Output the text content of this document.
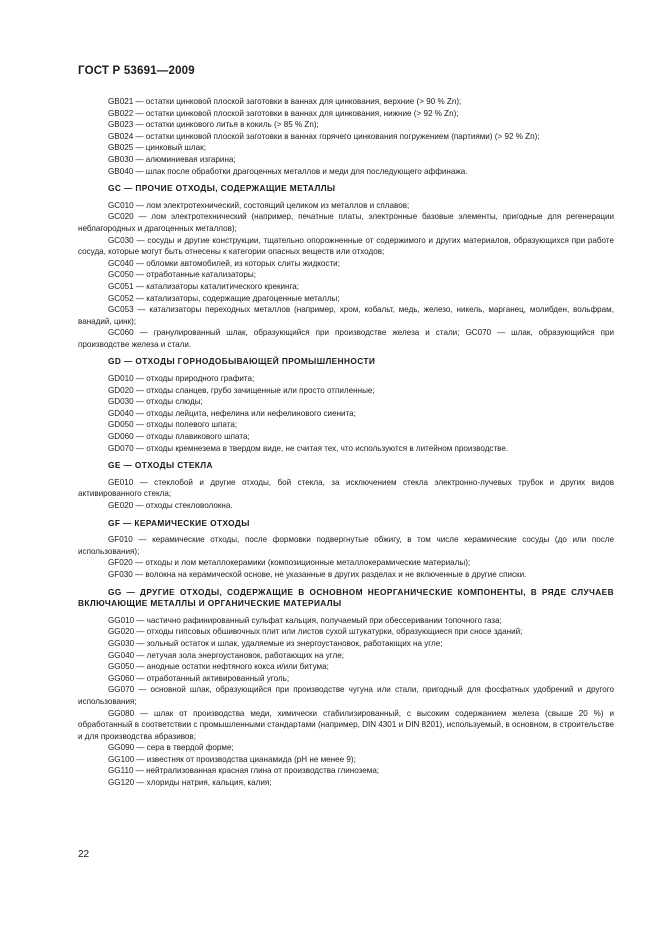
ГОСТ Р 53691—2009

GB021 — остатки цинковой плоской заготовки в ваннах для цинкования, верхние (> 90 % Zn);

GB022 — остатки цинковой плоской заготовки в ваннах для цинкования, нижние (> 92 % Zn);

GB023 — остатки цинкового литья в кокиль (> 85 % Zn);

GB024 — остатки цинковой плоской заготовки в ваннах горячего цинкования погружением (партиями) (> 92 % Zn);

GB025 — цинковый шлак;

GB030 — алюминиевая изгарина;

GB040 — шлак после обработки драгоценных металлов и меди для последующего аффинажа.

GC — ПРОЧИЕ ОТХОДЫ, СОДЕРЖАЩИЕ МЕТАЛЛЫ

GC010 — лом электротехнический, состоящий целиком из металлов и сплавов;

GC020 — лом электротехнический (например, печатные платы, электронные базовые элементы, пригодные для регенерации неблагородных и драгоценных металлов);

GC030 — сосуды и другие конструкции, тщательно опорожненные от содержимого и других материалов, образующихся при работе сосуда, которые могут быть отнесены к категории опасных веществ или отходов;

GC040 — обломки автомобилей, из которых слиты жидкости;

GC050 — отработанные катализаторы;

GC051 — катализаторы каталитического крекинга;

GC052 — катализаторы, содержащие драгоценные металлы;

GC053 — катализаторы переходных металлов (например, хром, кобальт, медь, железо, никель, марганец, молибден, вольфрам, ванадий, цинк);

GC060 — гранулированный шлак, образующийся при производстве железа и стали; GC070 — шлак, образующийся при производстве железа и стали.

GD — ОТХОДЫ ГОРНОДОБЫВАЮЩЕЙ ПРОМЫШЛЕННОСТИ

GD010 — отходы природного графита;

GD020 — отходы сланцев, грубо зачищенные или просто отпиленные;

GD030 — отходы слюды;

GD040 — отходы лейцита, нефелина или нефелинового сиенита;

GD050 — отходы полевого шпата;

GD060 — отходы плавикового шпата;

GD070 — отходы кремнезема в твердом виде, не считая тех, что используются в литейном производстве.

GE — ОТХОДЫ СТЕКЛА

GE010 — стеклобой и другие отходы, бой стекла, за исключением стекла электронно-лучевых трубок и других видов активированного стекла;

GE020 — отходы стекловолокна.

GF — КЕРАМИЧЕСКИЕ ОТХОДЫ

GF010 — керамические отходы, после формовки подвергнутые обжигу, в том числе керамические сосуды (до или после использования);

GF020 — отходы и лом металлокерамики (композиционные металлокерамические материалы);

GF030 — волокна на керамической основе, не указанные в других разделах и не включенные в другие списки.

GG — ДРУГИЕ ОТХОДЫ, СОДЕРЖАЩИЕ В ОСНОВНОМ НЕОРГАНИЧЕСКИЕ КОМПОНЕНТЫ, В РЯДЕ СЛУЧАЕВ ВКЛЮЧАЮЩИЕ МЕТАЛЛЫ И ОРГАНИЧЕСКИЕ МАТЕРИАЛЫ

GG010 — частично рафинированный сульфат кальция, получаемый при обессеривании топочного газа;

GG020 — отходы гипсовых обшивочных плит или листов сухой штукатурки, образующиеся при сносе зданий;

GG030 — зольный остаток и шлак, удаляемые из энергоустановок, работающих на угле;

GG040 — летучая зола энергоустановок, работающих на угле;

GG050 — анодные остатки нефтяного кокса и/или битума;

GG060 — отработанный активированный уголь;

GG070 — основной шлак, образующийся при производстве чугуна или стали, пригодный для фосфатных удобрений и другого использования;

GG080 — шлак от производства меди, химически стабилизированный, с высоким содержанием железа (свыше 20 %) и обработанный в соответствии с промышленными стандартами (например, DIN 4301 и DIN 8201), используемый, в основном, в строительстве и для производства абразивов;

GG090 — сера в твердой форме;

GG100 — известняк от производства цианамида (pH не менее 9);

GG110 — нейтрализованная красная глина от производства глинозема;

GG120 — хлориды натрия, кальция, калия;

22
